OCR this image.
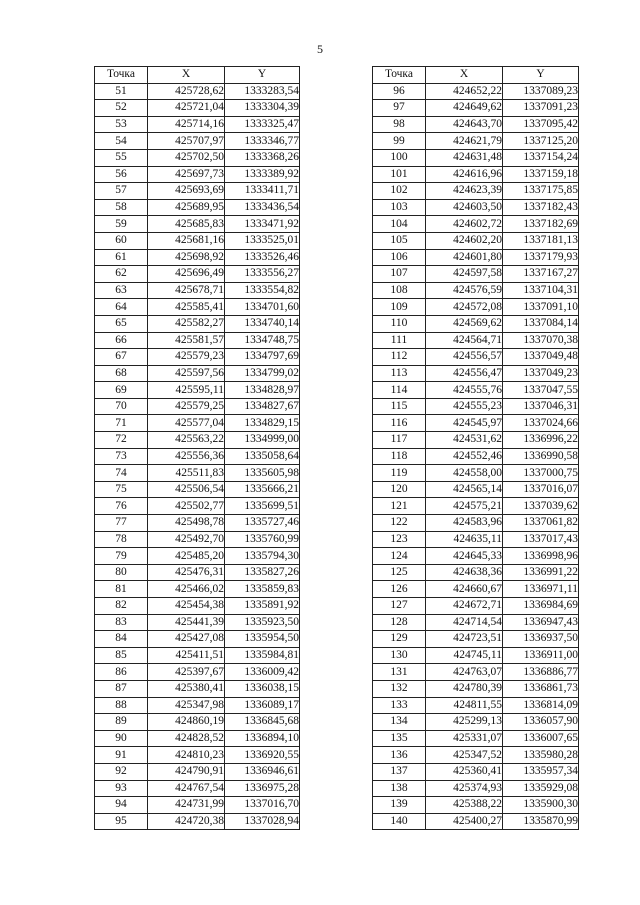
5
Точка	X	Y
51	425728,62	1333283,54
52	425721,04	1333304,39
53	425714,16	1333325,47
54	425707,97	1333346,77
55	425702,50	1333368,26
56	425697,73	1333389,92
57	425693,69	1333411,71
58	425689,95	1333436,54
59	425685,83	1333471,92
60	425681,16	1333525,01
61	425698,92	1333526,46
62	425696,49	1333556,27
63	425678,71	1333554,82
64	425585,41	1334701,60
65	425582,27	1334740,14
66	425581,57	1334748,75
67	425579,23	1334797,69
68	425597,56	1334799,02
69	425595,11	1334828,97
70	425579,25	1334827,67
71	425577,04	1334829,15
72	425563,22	1334999,00
73	425556,36	1335058,64
74	425511,83	1335605,98
75	425506,54	1335666,21
76	425502,77	1335699,51
77	425498,78	1335727,46
78	425492,70	1335760,99
79	425485,20	1335794,30
80	425476,31	1335827,26
81	425466,02	1335859,83
82	425454,38	1335891,92
83	425441,39	1335923,50
84	425427,08	1335954,50
85	425411,51	1335984,81
86	425397,67	1336009,42
87	425380,41	1336038,15
88	425347,98	1336089,17
89	424860,19	1336845,68
90	424828,52	1336894,10
91	424810,23	1336920,55
92	424790,91	1336946,61
93	424767,54	1336975,28
94	424731,99	1337016,70
95	424720,38	1337028,94
Точка	X	Y
96	424652,22	1337089,23
97	424649,62	1337091,23
98	424643,70	1337095,42
99	424621,79	1337125,20
100	424631,48	1337154,24
101	424616,96	1337159,18
102	424623,39	1337175,85
103	424603,50	1337182,43
104	424602,72	1337182,69
105	424602,20	1337181,13
106	424601,80	1337179,93
107	424597,58	1337167,27
108	424576,59	1337104,31
109	424572,08	1337091,10
110	424569,62	1337084,14
111	424564,71	1337070,38
112	424556,57	1337049,48
113	424556,47	1337049,23
114	424555,76	1337047,55
115	424555,23	1337046,31
116	424545,97	1337024,66
117	424531,62	1336996,22
118	424552,46	1336990,58
119	424558,00	1337000,75
120	424565,14	1337016,07
121	424575,21	1337039,62
122	424583,96	1337061,82
123	424635,11	1337017,43
124	424645,33	1336998,96
125	424638,36	1336991,22
126	424660,67	1336971,11
127	424672,71	1336984,69
128	424714,54	1336947,43
129	424723,51	1336937,50
130	424745,11	1336911,00
131	424763,07	1336886,77
132	424780,39	1336861,73
133	424811,55	1336814,09
134	425299,13	1336057,90
135	425331,07	1336007,65
136	425347,52	1335980,28
137	425360,41	1335957,34
138	425374,93	1335929,08
139	425388,22	1335900,30
140	425400,27	1335870,99
